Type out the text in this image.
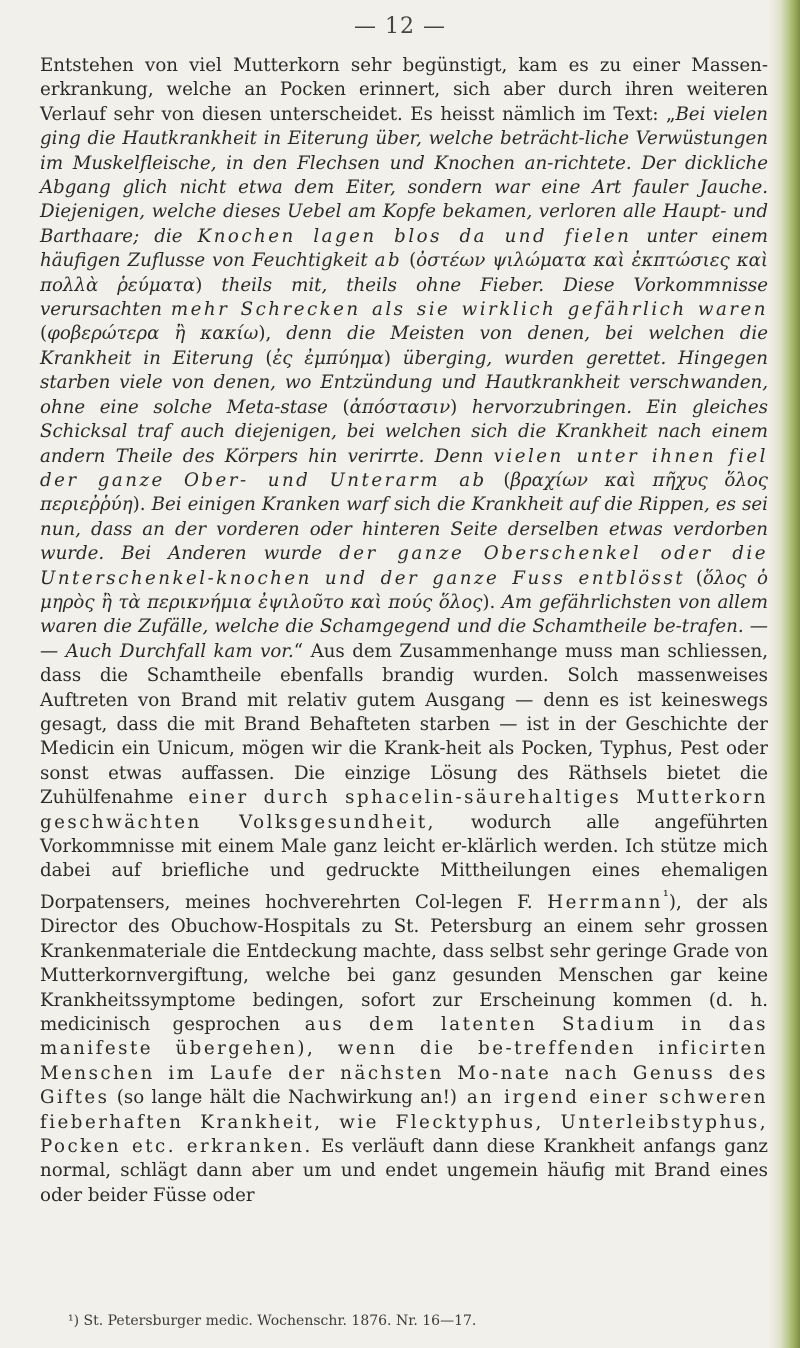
— 12 —

Entstehen von viel Mutterkorn sehr begünstigt, kam es zu einer Massen-erkrankung, welche an Pocken erinnert, sich aber durch ihren weiteren Verlauf sehr von diesen unterscheidet. Es heisst nämlich im Text: „Bei vielen ging die Hautkrankheit in Eiterung über, welche beträcht-liche Verwüstungen im Muskelfleische, in den Flechsen und Knochen an-richtete. Der dickliche Abgang glich nicht etwa dem Eiter, sondern war eine Art fauler Jauche. Diejenigen, welche dieses Uebel am Kopfe bekamen, verloren alle Haupt- und Barthaare; die Knochen lagen blos da und fielen unter einem häufigen Zuflusse von Feuchtigkeit ab (ὀστέων ψιλώματα καὶ ἐκπτώσιες καὶ πολλὰ ῥεύματα) theils mit, theils ohne Fieber. Diese Vorkommnisse verursachten mehr Schrecken als sie wirklich gefährlich waren (φοβερώτερα ἢ κακίω), denn die Meisten von denen, bei welchen die Krankheit in Eiterung (ἐς ἐμπύημα) überging, wurden gerettet. Hingegen starben viele von denen, wo Entzündung und Hautkrankheit verschwanden, ohne eine solche Meta-stase (ἀπόστασιν) hervorzubringen. Ein gleiches Schicksal traf auch diejenigen, bei welchen sich die Krankheit nach einem andern Theile des Körpers hin verirrte. Denn vielen unter ihnen fiel der ganze Ober- und Unterarm ab (βραχίων καὶ πῆχυς ὅλος περιεῤῥύη). Bei einigen Kranken warf sich die Krankheit auf die Rippen, es sei nun, dass an der vorderen oder hinteren Seite derselben etwas verdorben wurde. Bei Anderen wurde der ganze Oberschenkel oder die Unterschenkel-knochen und der ganze Fuss entblösst (ὅλος ὁ μηρὸς ἢ τὰ περικνήμια ἐψιλοῦτο καὶ πούς ὅλος). Am gefährlichsten von allem waren die Zufälle, welche die Schamgegend und die Schamtheile be-trafen. — — Auch Durchfall kam vor.“ Aus dem Zusammenhange muss man schliessen, dass die Schamtheile ebenfalls brandig wurden. Solch massenweises Auftreten von Brand mit relativ gutem Ausgang — denn es ist keineswegs gesagt, dass die mit Brand Behafteten starben — ist in der Geschichte der Medicin ein Unicum, mögen wir die Krank-heit als Pocken, Typhus, Pest oder sonst etwas auffassen. Die einzige Lösung des Räthsels bietet die Zuhülfenahme einer durch sphacelin-säurehaltiges Mutterkorn geschwächten Volksgesundheit, wodurch alle angeführten Vorkommnisse mit einem Male ganz leicht er-klärlich werden. Ich stütze mich dabei auf briefliche und gedruckte Mittheilungen eines ehemaligen Dorpatensers, meines hochverehrten Col-legen F. Herrmann$^{^1}$), der als Director des Obuchow-Hospitals zu St. Petersburg an einem sehr grossen Krankenmateriale die Entdeckung machte, dass selbst sehr geringe Grade von Mutterkornvergiftung, welche bei ganz gesunden Menschen gar keine Krankheitssymptome bedingen, sofort zur Erscheinung kommen (d. h. medicinisch gesprochen aus dem latenten Stadium in das manifeste übergehen), wenn die be-treffenden inficirten Menschen im Laufe der nächsten Mo-nate nach Genuss des Giftes (so lange hält die Nachwirkung an!) an irgend einer schweren fieberhaften Krankheit, wie Flecktyphus, Unterleibstyphus, Pocken etc. erkranken. Es verläuft dann diese Krankheit anfangs ganz normal, schlägt dann aber um und endet ungemein häufig mit Brand eines oder beider Füsse oder

¹) St. Petersburger medic. Wochenschr. 1876. Nr. 16—17.
